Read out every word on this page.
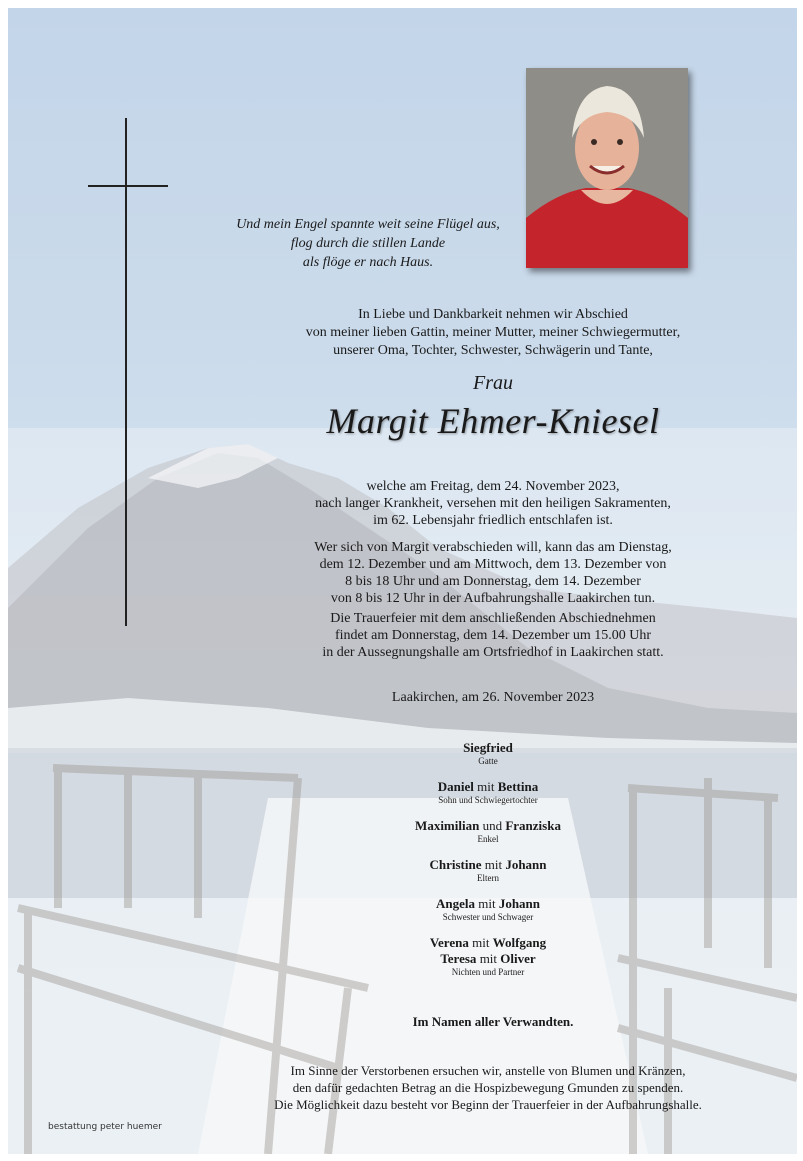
Und mein Engel spannte weit seine Flügel aus,
flog durch die stillen Lande
als flöge er nach Haus.
In Liebe und Dankbarkeit nehmen wir Abschied
von meiner lieben Gattin, meiner Mutter, meiner Schwiegermutter,
unserer Oma, Tochter, Schwester, Schwägerin und Tante,
Frau
Margit Ehmer-Kniesel
welche am Freitag, dem 24. November 2023,
nach langer Krankheit, versehen mit den heiligen Sakramenten,
im 62. Lebensjahr friedlich entschlafen ist.
Wer sich von Margit verabschieden will, kann das am Dienstag,
dem 12. Dezember und am Mittwoch, dem 13. Dezember von
8 bis 18 Uhr und am Donnerstag, dem 14. Dezember
von 8 bis 12 Uhr in der Aufbahrungshalle Laakirchen tun.
Die Trauerfeier mit dem anschließenden Abschiednehmen
findet am Donnerstag, dem 14. Dezember um 15.00 Uhr
in der Aussegnungshalle am Ortsfriedhof in Laakirchen statt.
Laakirchen, am 26. November 2023
Siegfried
Gatte
Daniel mit Bettina
Sohn und Schwiegertochter
Maximilian und Franziska
Enkel
Christine mit Johann
Eltern
Angela mit Johann
Schwester und Schwager
Verena mit Wolfgang
Teresa mit Oliver
Nichten und Partner
Im Namen aller Verwandten.
Im Sinne der Verstorbenen ersuchen wir, anstelle von Blumen und Kränzen,
den dafür gedachten Betrag an die Hospizbewegung Gmunden zu spenden.
Die Möglichkeit dazu besteht vor Beginn der Trauerfeier in der Aufbahrungshalle.
bestattung peter huemer
